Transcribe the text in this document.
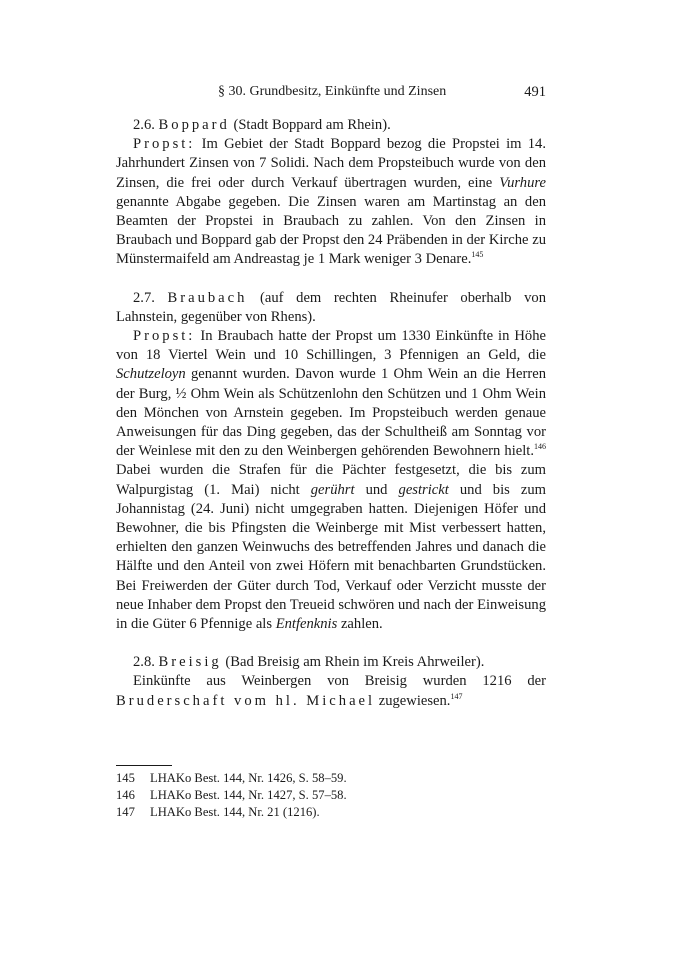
§ 30. Grundbesitz, Einkünfte und Zinsen	491

2.6. Boppard (Stadt Boppard am Rhein).

Propst: Im Gebiet der Stadt Boppard bezog die Propstei im 14. Jahrhundert Zinsen von 7 Solidi. Nach dem Propsteibuch wurde von den Zinsen, die frei oder durch Verkauf übertragen wurden, eine Vurhure genannte Abgabe gegeben. Die Zinsen waren am Martinstag an den Beamten der Propstei in Braubach zu zahlen. Von den Zinsen in Braubach und Boppard gab der Propst den 24 Präbenden in der Kirche zu Münstermaifeld am Andreastag je 1 Mark weniger 3 Denare.$^{145}$

2.7. Braubach (auf dem rechten Rheinufer oberhalb von Lahnstein, gegenüber von Rhens).

Propst: In Braubach hatte der Propst um 1330 Einkünfte in Höhe von 18 Viertel Wein und 10 Schillingen, 3 Pfennigen an Geld, die Schutzeloyn genannt wurden. Davon wurde 1 Ohm Wein an die Herren der Burg, ½ Ohm Wein als Schützenlohn den Schützen und 1 Ohm Wein den Mönchen von Arnstein gegeben. Im Propsteibuch werden genaue Anweisungen für das Ding gegeben, das der Schultheiß am Sonntag vor der Weinlese mit den zu den Weinbergen gehörenden Bewohnern hielt.$^{146}$ Dabei wurden die Strafen für die Pächter festgesetzt, die bis zum Walpurgistag (1. Mai) nicht gerührt und gestrickt und bis zum Johannistag (24. Juni) nicht umgegraben hatten. Diejenigen Höfer und Bewohner, die bis Pfingsten die Weinberge mit Mist verbessert hatten, erhielten den ganzen Weinwuchs des betreffenden Jahres und danach die Hälfte und den Anteil von zwei Höfern mit benachbarten Grundstücken. Bei Freiwerden der Güter durch Tod, Verkauf oder Verzicht musste der neue Inhaber dem Propst den Treueid schwören und nach der Einweisung in die Güter 6 Pfennige als Entfenknis zahlen.

2.8. Breisig (Bad Breisig am Rhein im Kreis Ahrweiler).

Einkünfte aus Weinbergen von Breisig wurden 1216 der Bruderschaft vom hl. Michael zugewiesen.$^{147}$

145 LHAKo Best. 144, Nr. 1426, S. 58–59.
146 LHAKo Best. 144, Nr. 1427, S. 57–58.
147 LHAKo Best. 144, Nr. 21 (1216).
